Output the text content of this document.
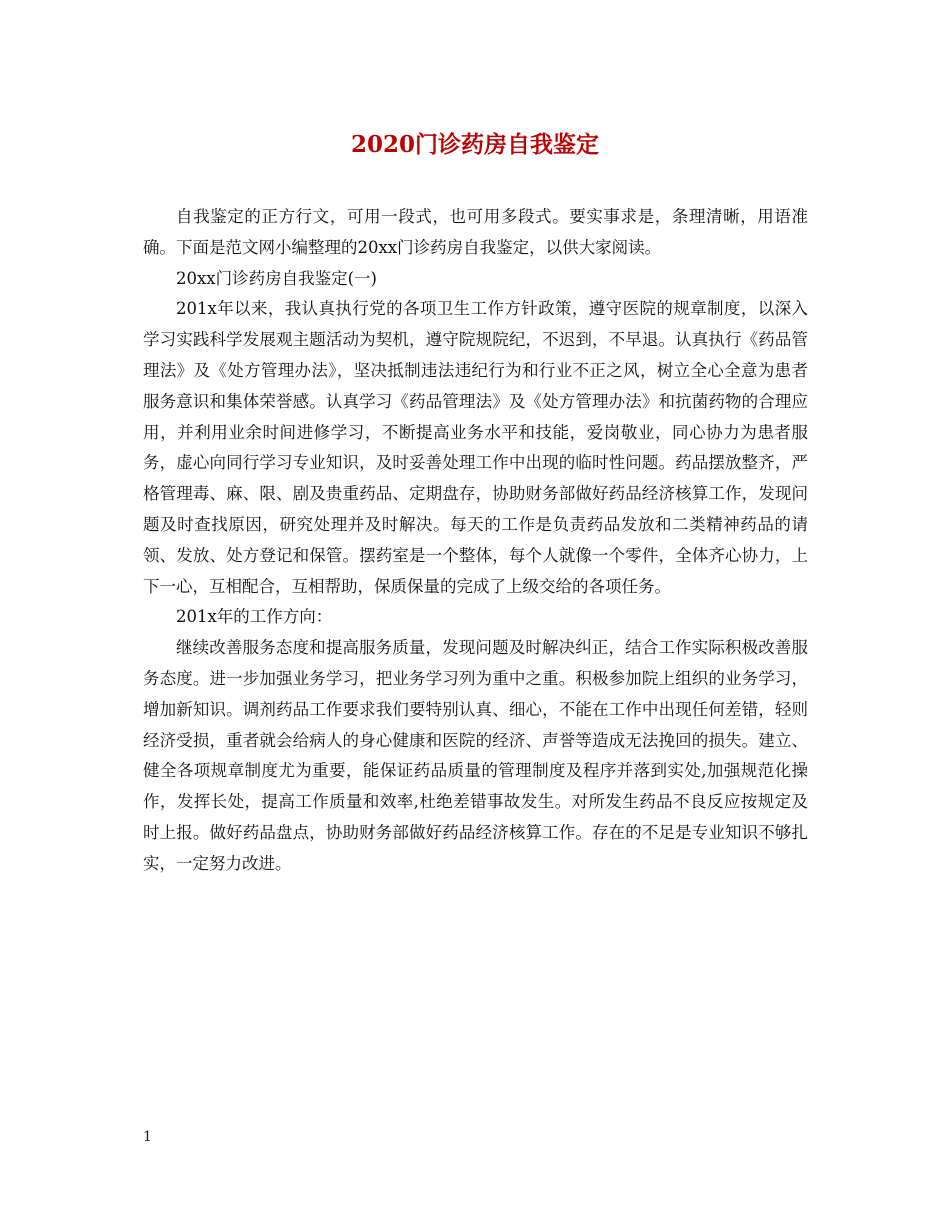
2020门诊药房自我鉴定

自我鉴定的正方行文，可用一段式，也可用多段式。要实事求是，条理清晰，用语准确。下面是范文网小编整理的20xx门诊药房自我鉴定，以供大家阅读。

20xx门诊药房自我鉴定(一)

201x年以来，我认真执行党的各项卫生工作方针政策，遵守医院的规章制度，以深入学习实践科学发展观主题活动为契机，遵守院规院纪，不迟到，不早退。认真执行《药品管理法》及《处方管理办法》，坚决抵制违法违纪行为和行业不正之风，树立全心全意为患者服务意识和集体荣誉感。认真学习《药品管理法》及《处方管理办法》和抗菌药物的合理应用，并利用业余时间进修学习，不断提高业务水平和技能，爱岗敬业，同心协力为患者服务，虚心向同行学习专业知识，及时妥善处理工作中出现的临时性问题。药品摆放整齐，严格管理毒、麻、限、剧及贵重药品、定期盘存，协助财务部做好药品经济核算工作，发现问题及时查找原因，研究处理并及时解决。每天的工作是负责药品发放和二类精神药品的请领、发放、处方登记和保管。摆药室是一个整体，每个人就像一个零件，全体齐心协力，上下一心，互相配合，互相帮助，保质保量的完成了上级交给的各项任务。

201x年的工作方向：

继续改善服务态度和提高服务质量，发现问题及时解决纠正，结合工作实际积极改善服务态度。进一步加强业务学习，把业务学习列为重中之重。积极参加院上组织的业务学习，增加新知识。调剂药品工作要求我们要特别认真、细心，不能在工作中出现任何差错，轻则经济受损，重者就会给病人的身心健康和医院的经济、声誉等造成无法挽回的损失。建立、健全各项规章制度尤为重要，能保证药品质量的管理制度及程序并落到实处,加强规范化操作，发挥长处，提高工作质量和效率,杜绝差错事故发生。对所发生药品不良反应按规定及时上报。做好药品盘点，协助财务部做好药品经济核算工作。存在的不足是专业知识不够扎实，一定努力改进。

1
